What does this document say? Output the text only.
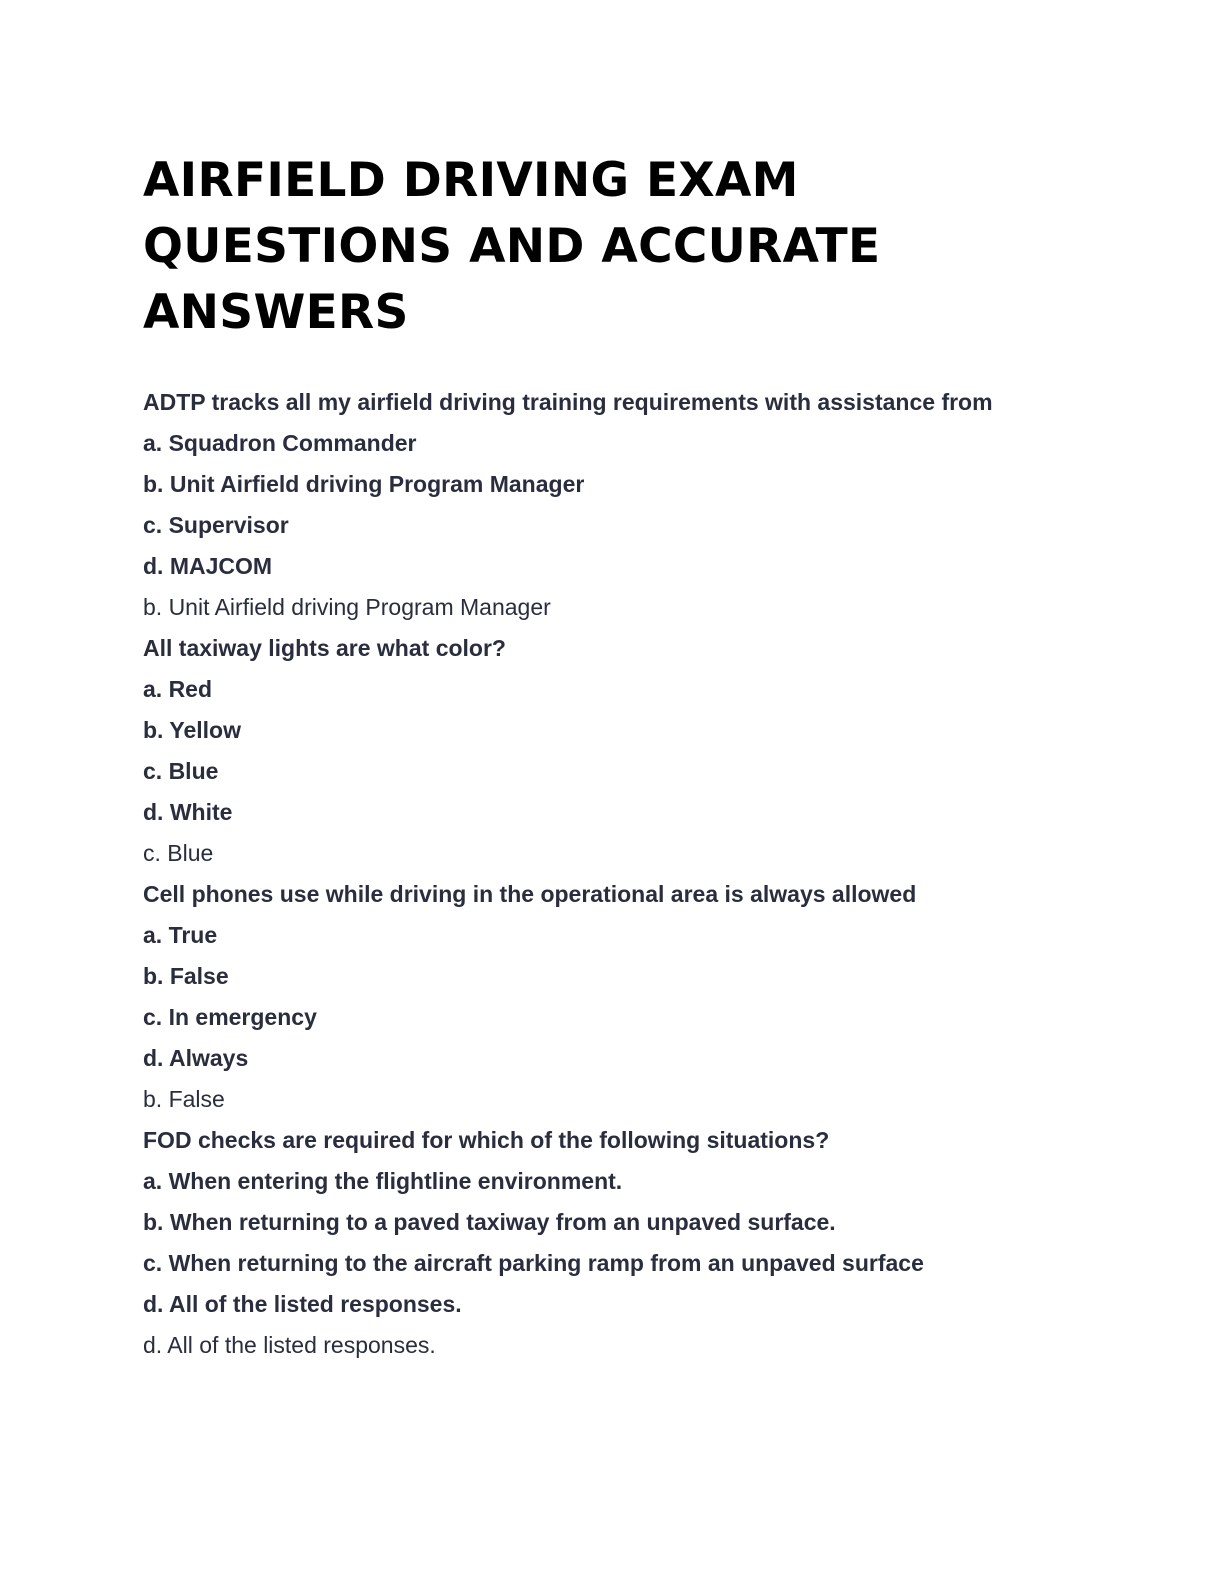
AIRFIELD DRIVING EXAM
QUESTIONS AND ACCURATE
ANSWERS
ADTP tracks all my airfield driving training requirements with assistance from
a. Squadron Commander
b. Unit Airfield driving Program Manager
c. Supervisor
d. MAJCOM
b. Unit Airfield driving Program Manager
All taxiway lights are what color?
a. Red
b. Yellow
c. Blue
d. White
c. Blue
Cell phones use while driving in the operational area is always allowed
a. True
b. False
c. In emergency
d. Always
b. False
FOD checks are required for which of the following situations?
a. When entering the flightline environment.
b. When returning to a paved taxiway from an unpaved surface.
c. When returning to the aircraft parking ramp from an unpaved surface
d. All of the listed responses.
d. All of the listed responses.
